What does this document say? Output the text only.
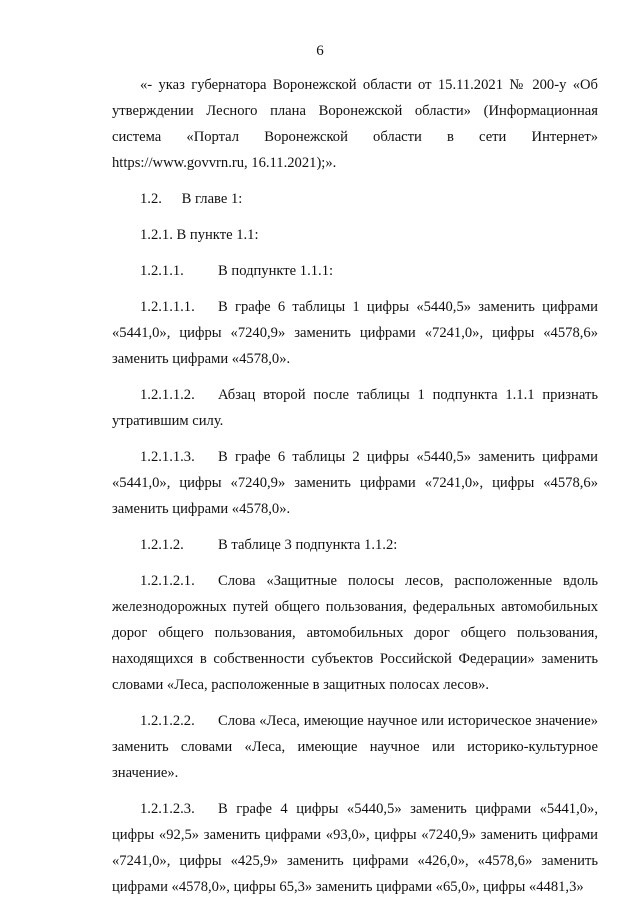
6

«- указ губернатора Воронежской области от 15.11.2021 № 200-у «Об утверждении Лесного плана Воронежской области» (Информационная система «Портал Воронежской области в сети Интернет» https://www.govvrn.ru, 16.11.2021);».

1.2. В главе 1:

1.2.1. В пункте 1.1:

1.2.1.1. В подпункте 1.1.1:

1.2.1.1.1. В графе 6 таблицы 1 цифры «5440,5» заменить цифрами «5441,0», цифры «7240,9» заменить цифрами «7241,0», цифры «4578,6» заменить цифрами «4578,0».

1.2.1.1.2. Абзац второй после таблицы 1 подпункта 1.1.1 признать утратившим силу.

1.2.1.1.3. В графе 6 таблицы 2 цифры «5440,5» заменить цифрами «5441,0», цифры «7240,9» заменить цифрами «7241,0», цифры «4578,6» заменить цифрами «4578,0».

1.2.1.2. В таблице 3 подпункта 1.1.2:

1.2.1.2.1. Слова «Защитные полосы лесов, расположенные вдоль железнодорожных путей общего пользования, федеральных автомобильных дорог общего пользования, автомобильных дорог общего пользования, находящихся в собственности субъектов Российской Федерации» заменить словами «Леса, расположенные в защитных полосах лесов».

1.2.1.2.2. Слова «Леса, имеющие научное или историческое значение» заменить словами «Леса, имеющие научное или историко-культурное значение».

1.2.1.2.3. В графе 4 цифры «5440,5» заменить цифрами «5441,0», цифры «92,5» заменить цифрами «93,0», цифры «7240,9» заменить цифрами «7241,0», цифры «425,9» заменить цифрами «426,0», «4578,6» заменить цифрами «4578,0», цифры 65,3» заменить цифрами «65,0», цифры «4481,3»
